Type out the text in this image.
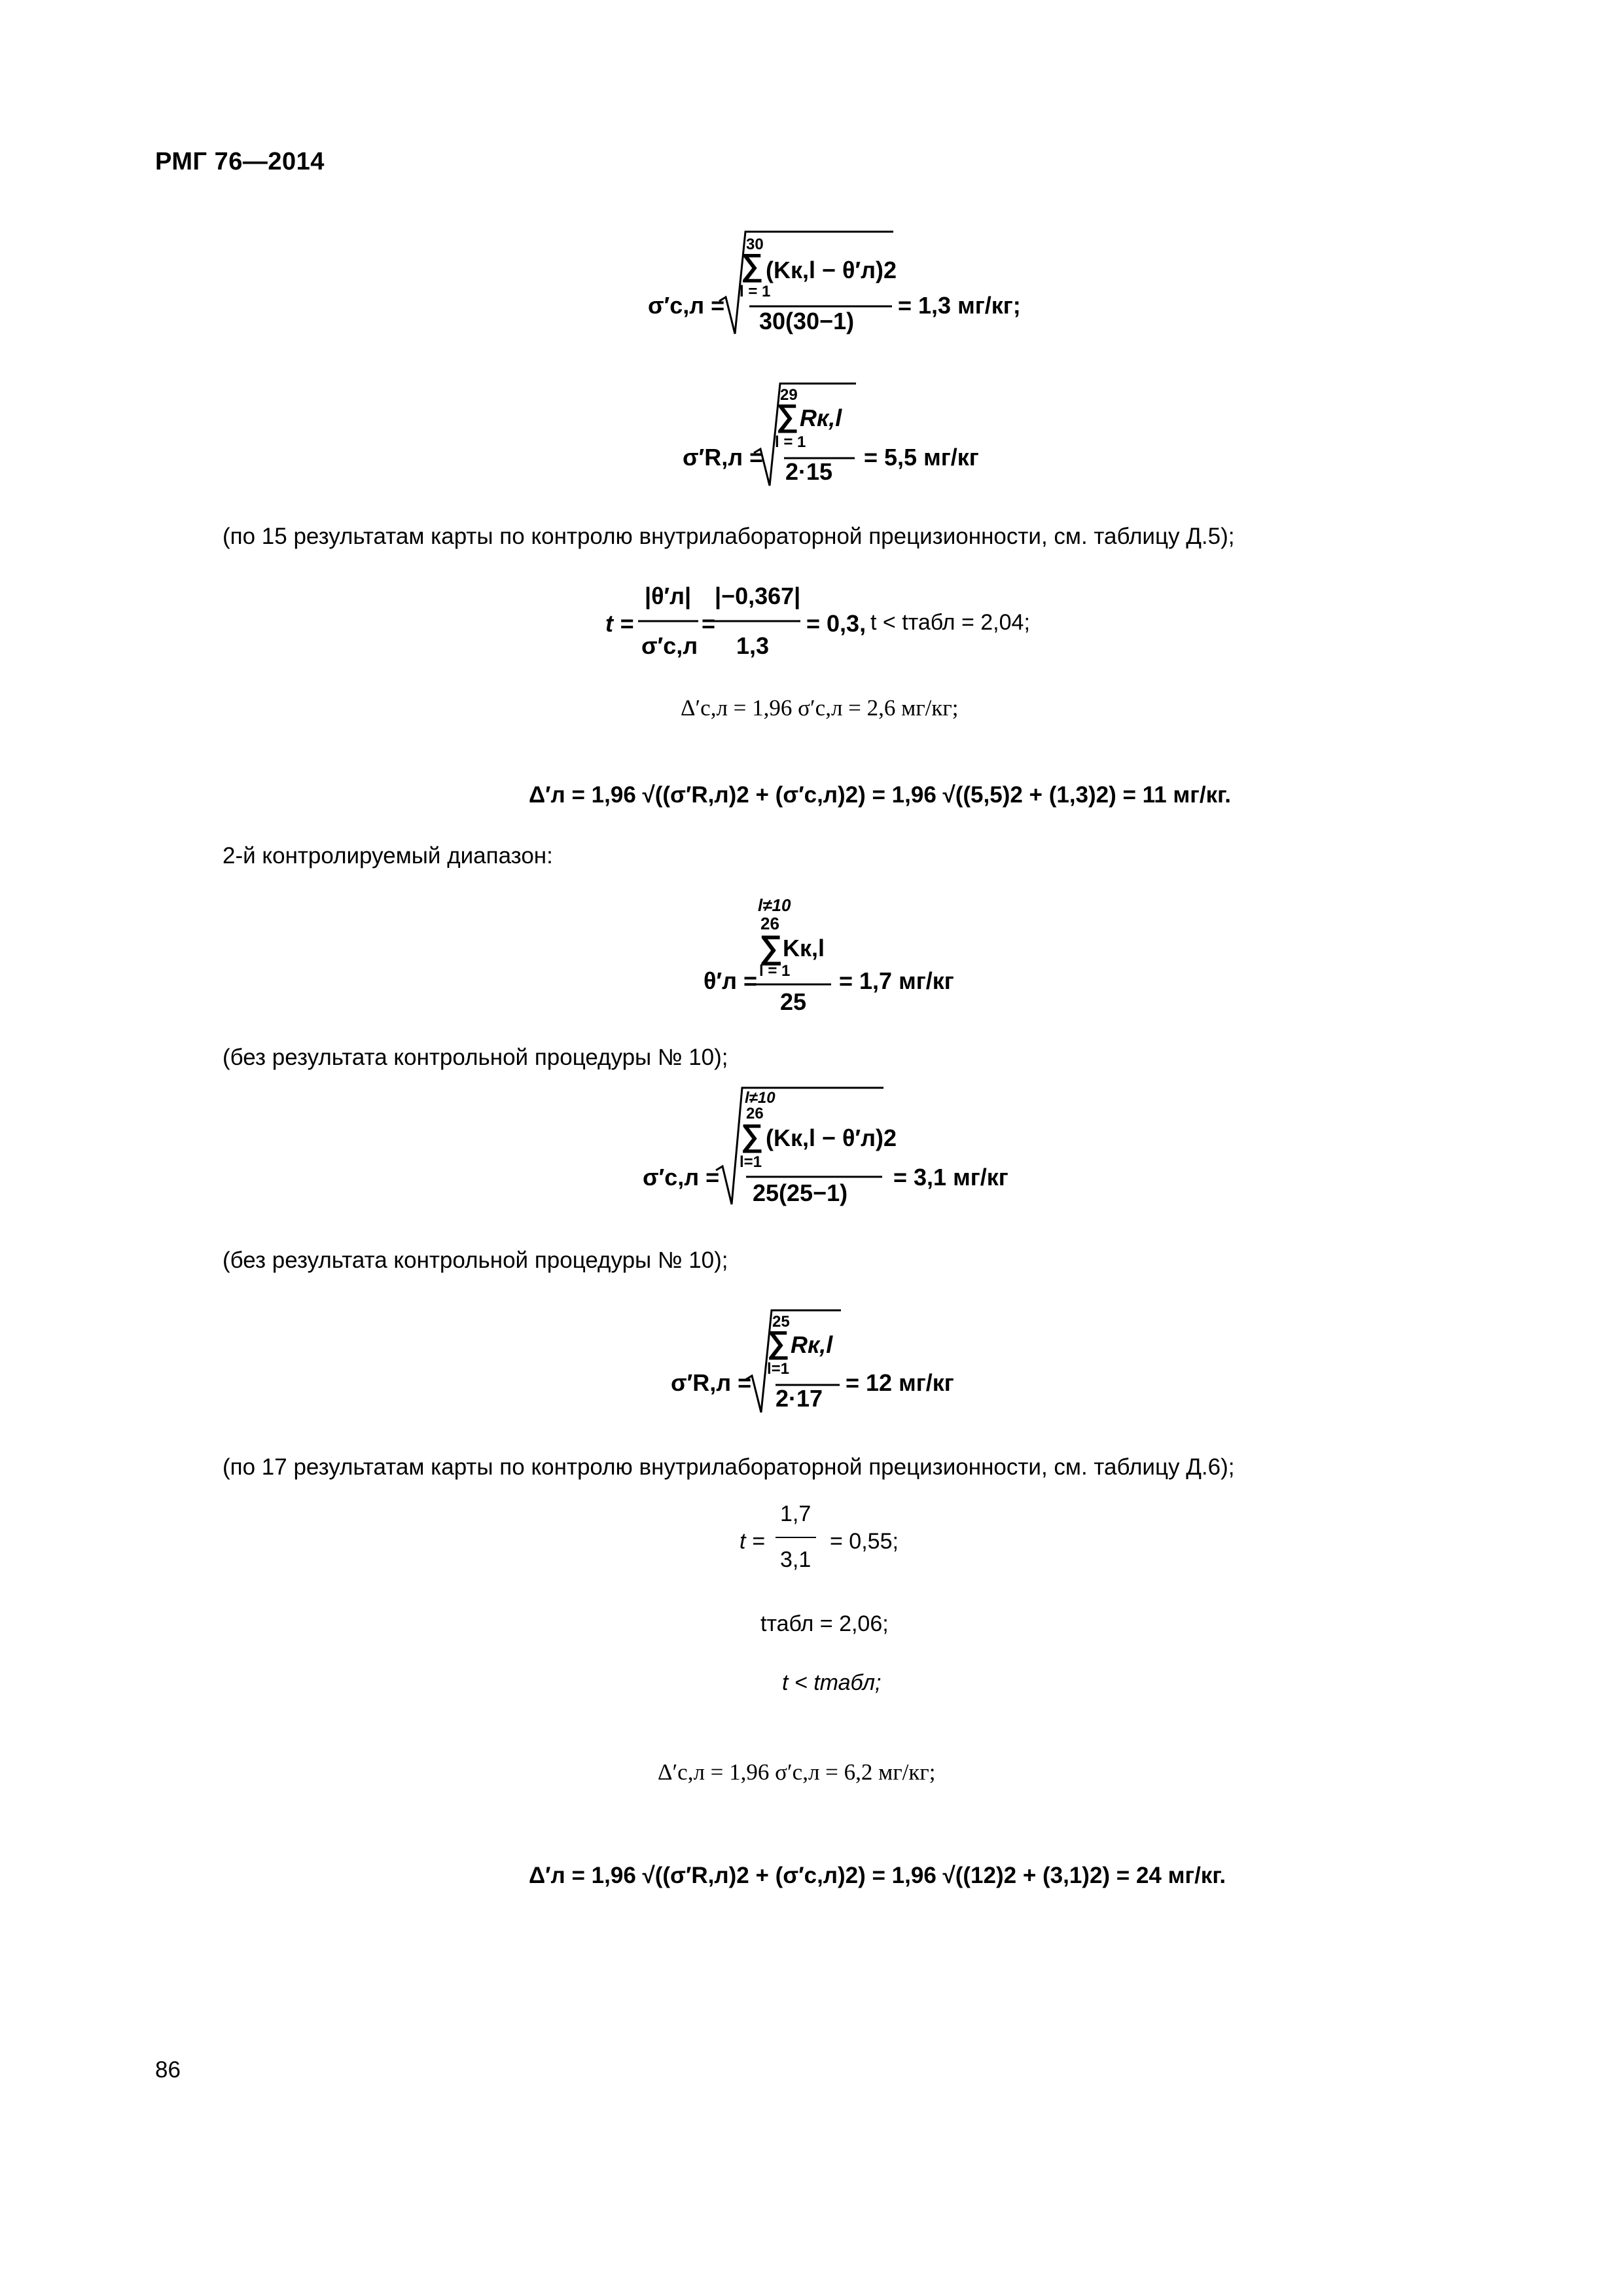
РМГ 76—2014
σ′c,л =
30
∑ (Kк,l − θ′л)2
l = 1
30(30−1)
= 1,3 мг/кг;
σ′R,л =
29
∑ Rк,l
l = 1
2·15
= 5,5 мг/кг
(по 15 результатам карты по контролю внутрилабораторной прецизионности, см. таблицу Д.5);
t =
|θ′л|
σ′c,л
=
|−0,367|
1,3
= 0,3, t < tтабл = 2,04;
Δ′c,л = 1,96 σ′c,л = 2,6 мг/кг;
Δ′л = 1,96 √((σ′R,л)2 + (σ′c,л)2) = 1,96 √((5,5)2 + (1,3)2) = 11 мг/кг.
2-й контролируемый диапазон:
l≠10
26
∑ Kк,l
l = 1
θ′л =
25
= 1,7 мг/кг
(без результата контрольной процедуры № 10);
σ′c,л =
l≠10
26
∑ (Kк,l − θ′л)2
l=1
25(25−1)
= 3,1 мг/кг
(без результата контрольной процедуры № 10);
σ′R,л =
25
∑ Rк,l
l=1
2·17
= 12 мг/кг
(по 17 результатам карты по контролю внутрилабораторной прецизионности, см. таблицу Д.6);
t =
1,7
3,1
= 0,55;
tтабл = 2,06;
t < tтабл;
Δ′c,л = 1,96 σ′c,л = 6,2 мг/кг;
Δ′л = 1,96 √((σ′R,л)2 + (σ′c,л)2) = 1,96 √((12)2 + (3,1)2) = 24 мг/кг.
86
